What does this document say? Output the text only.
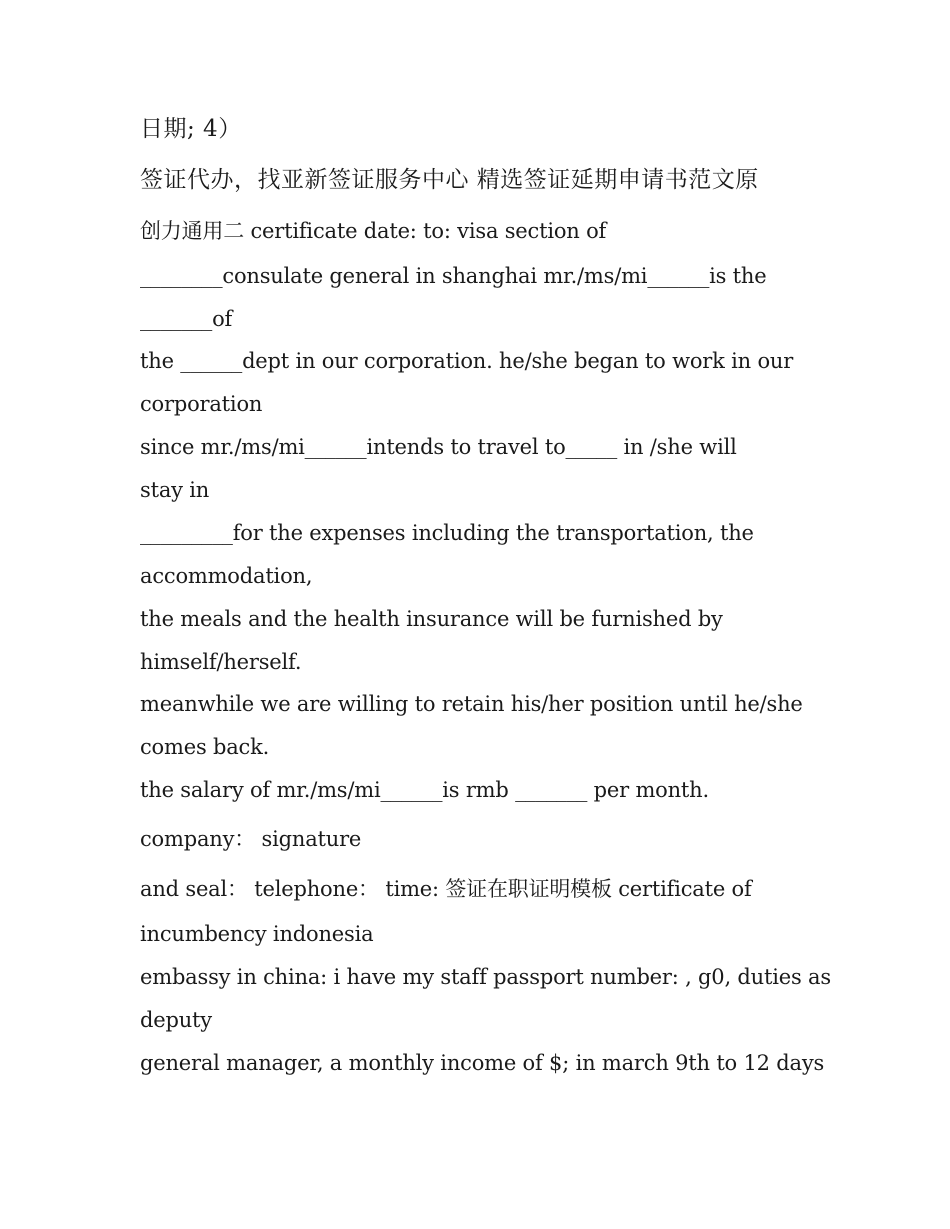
日期; 4）
签证代办，找亚新签证服务中心 精选签证延期申请书范文原
创力通用二 certificate date: to: visa section of
________consulate general in shanghai mr./ms/mi______is the
_______of
the ______dept in our corporation. he/she began to work in our
corporation
since mr./ms/mi______intends to travel to_____ in /she will
stay in
_________for the expenses including the transportation, the
accommodation,
the meals and the health insurance will be furnished by
himself/herself.
meanwhile we are willing to retain his/her position until he/she
comes back.
the salary of mr./ms/mi______is rmb _______ per month.
company： signature
and seal： telephone： time: 签证在职证明模板 certificate of
incumbency indonesia
embassy in china: i have my staff passport number: , g0, duties as
deputy
general manager, a monthly income of $; in march 9th to 12 days
